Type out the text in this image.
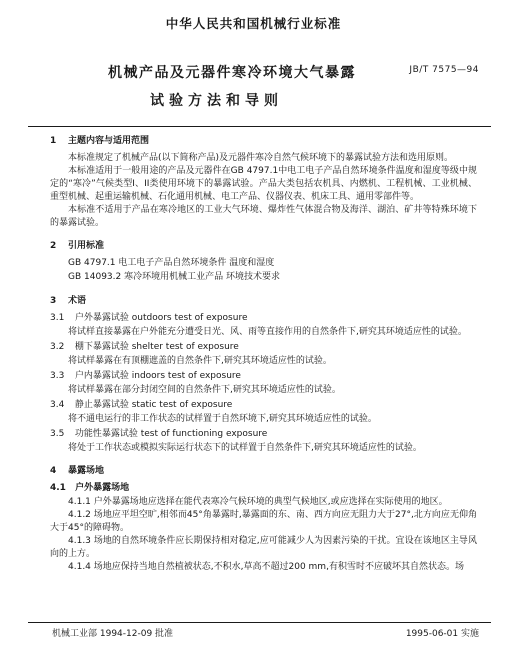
中华人民共和国机械行业标准
JB/T 7575—94
机械产品及元器件寒冷环境大气暴露
试验方法和导则
1 主题内容与适用范围
本标准规定了机械产品(以下简称产品)及元器件寒冷自然气候环境下的暴露试验方法和选用原则。
本标准适用于一般用途的产品及元器件在GB 4797.1中电工电子产品自然环境条件温度和湿度等级中规定的“寒冷”气候类型I、II类使用环境下的暴露试验。产品大类包括农机具、内燃机、工程机械、工业机械、重型机械、起重运输机械、石化通用机械、电工产品、仪器仪表、机床工具、通用零部件等。
本标准不适用于产品在寒冷地区的工业大气环境、爆炸性气体混合物及海洋、湖泊、矿井等特殊环境下的暴露试验。
2 引用标准
GB 4797.1 电工电子产品自然环境条件 温度和湿度
GB 14093.2 寒冷环境用机械工业产品 环境技术要求
3 术语
3.1 户外暴露试验 outdoors test of exposure
将试样直接暴露在户外能充分遭受日光、风、雨等直接作用的自然条件下,研究其环境适应性的试验。
3.2 棚下暴露试验 shelter test of exposure
将试样暴露在有顶棚遮盖的自然条件下,研究其环境适应性的试验。
3.3 户内暴露试验 indoors test of exposure
将试样暴露在部分封闭空间的自然条件下,研究其环境适应性的试验。
3.4 静止暴露试验 static test of exposure
将不通电运行的非工作状态的试样置于自然环境下,研究其环境适应性的试验。
3.5 功能性暴露试验 test of functioning exposure
将处于工作状态或模拟实际运行状态下的试样置于自然条件下,研究其环境适应性的试验。
4 暴露场地
4.1 户外暴露场地
4.1.1 户外暴露场地应选择在能代表寒冷气候环境的典型气候地区,或应选择在实际使用的地区。
4.1.2 场地应平坦空旷,相邻而45°角暴露时,暴露面的东、南、西方向应无阻力大于27°,北方向应无仰角大于45°的障碍物。
4.1.3 场地的自然环境条件应长期保持相对稳定,应可能减少人为因素污染的干扰。宜设在该地区主导风向的上方。
4.1.4 场地应保持当地自然植被状态,不积水,草高不超过200 mm,有积雪时不应破坏其自然状态。场
机械工业部 1994-12-09 批准	1995-06-01 实施
